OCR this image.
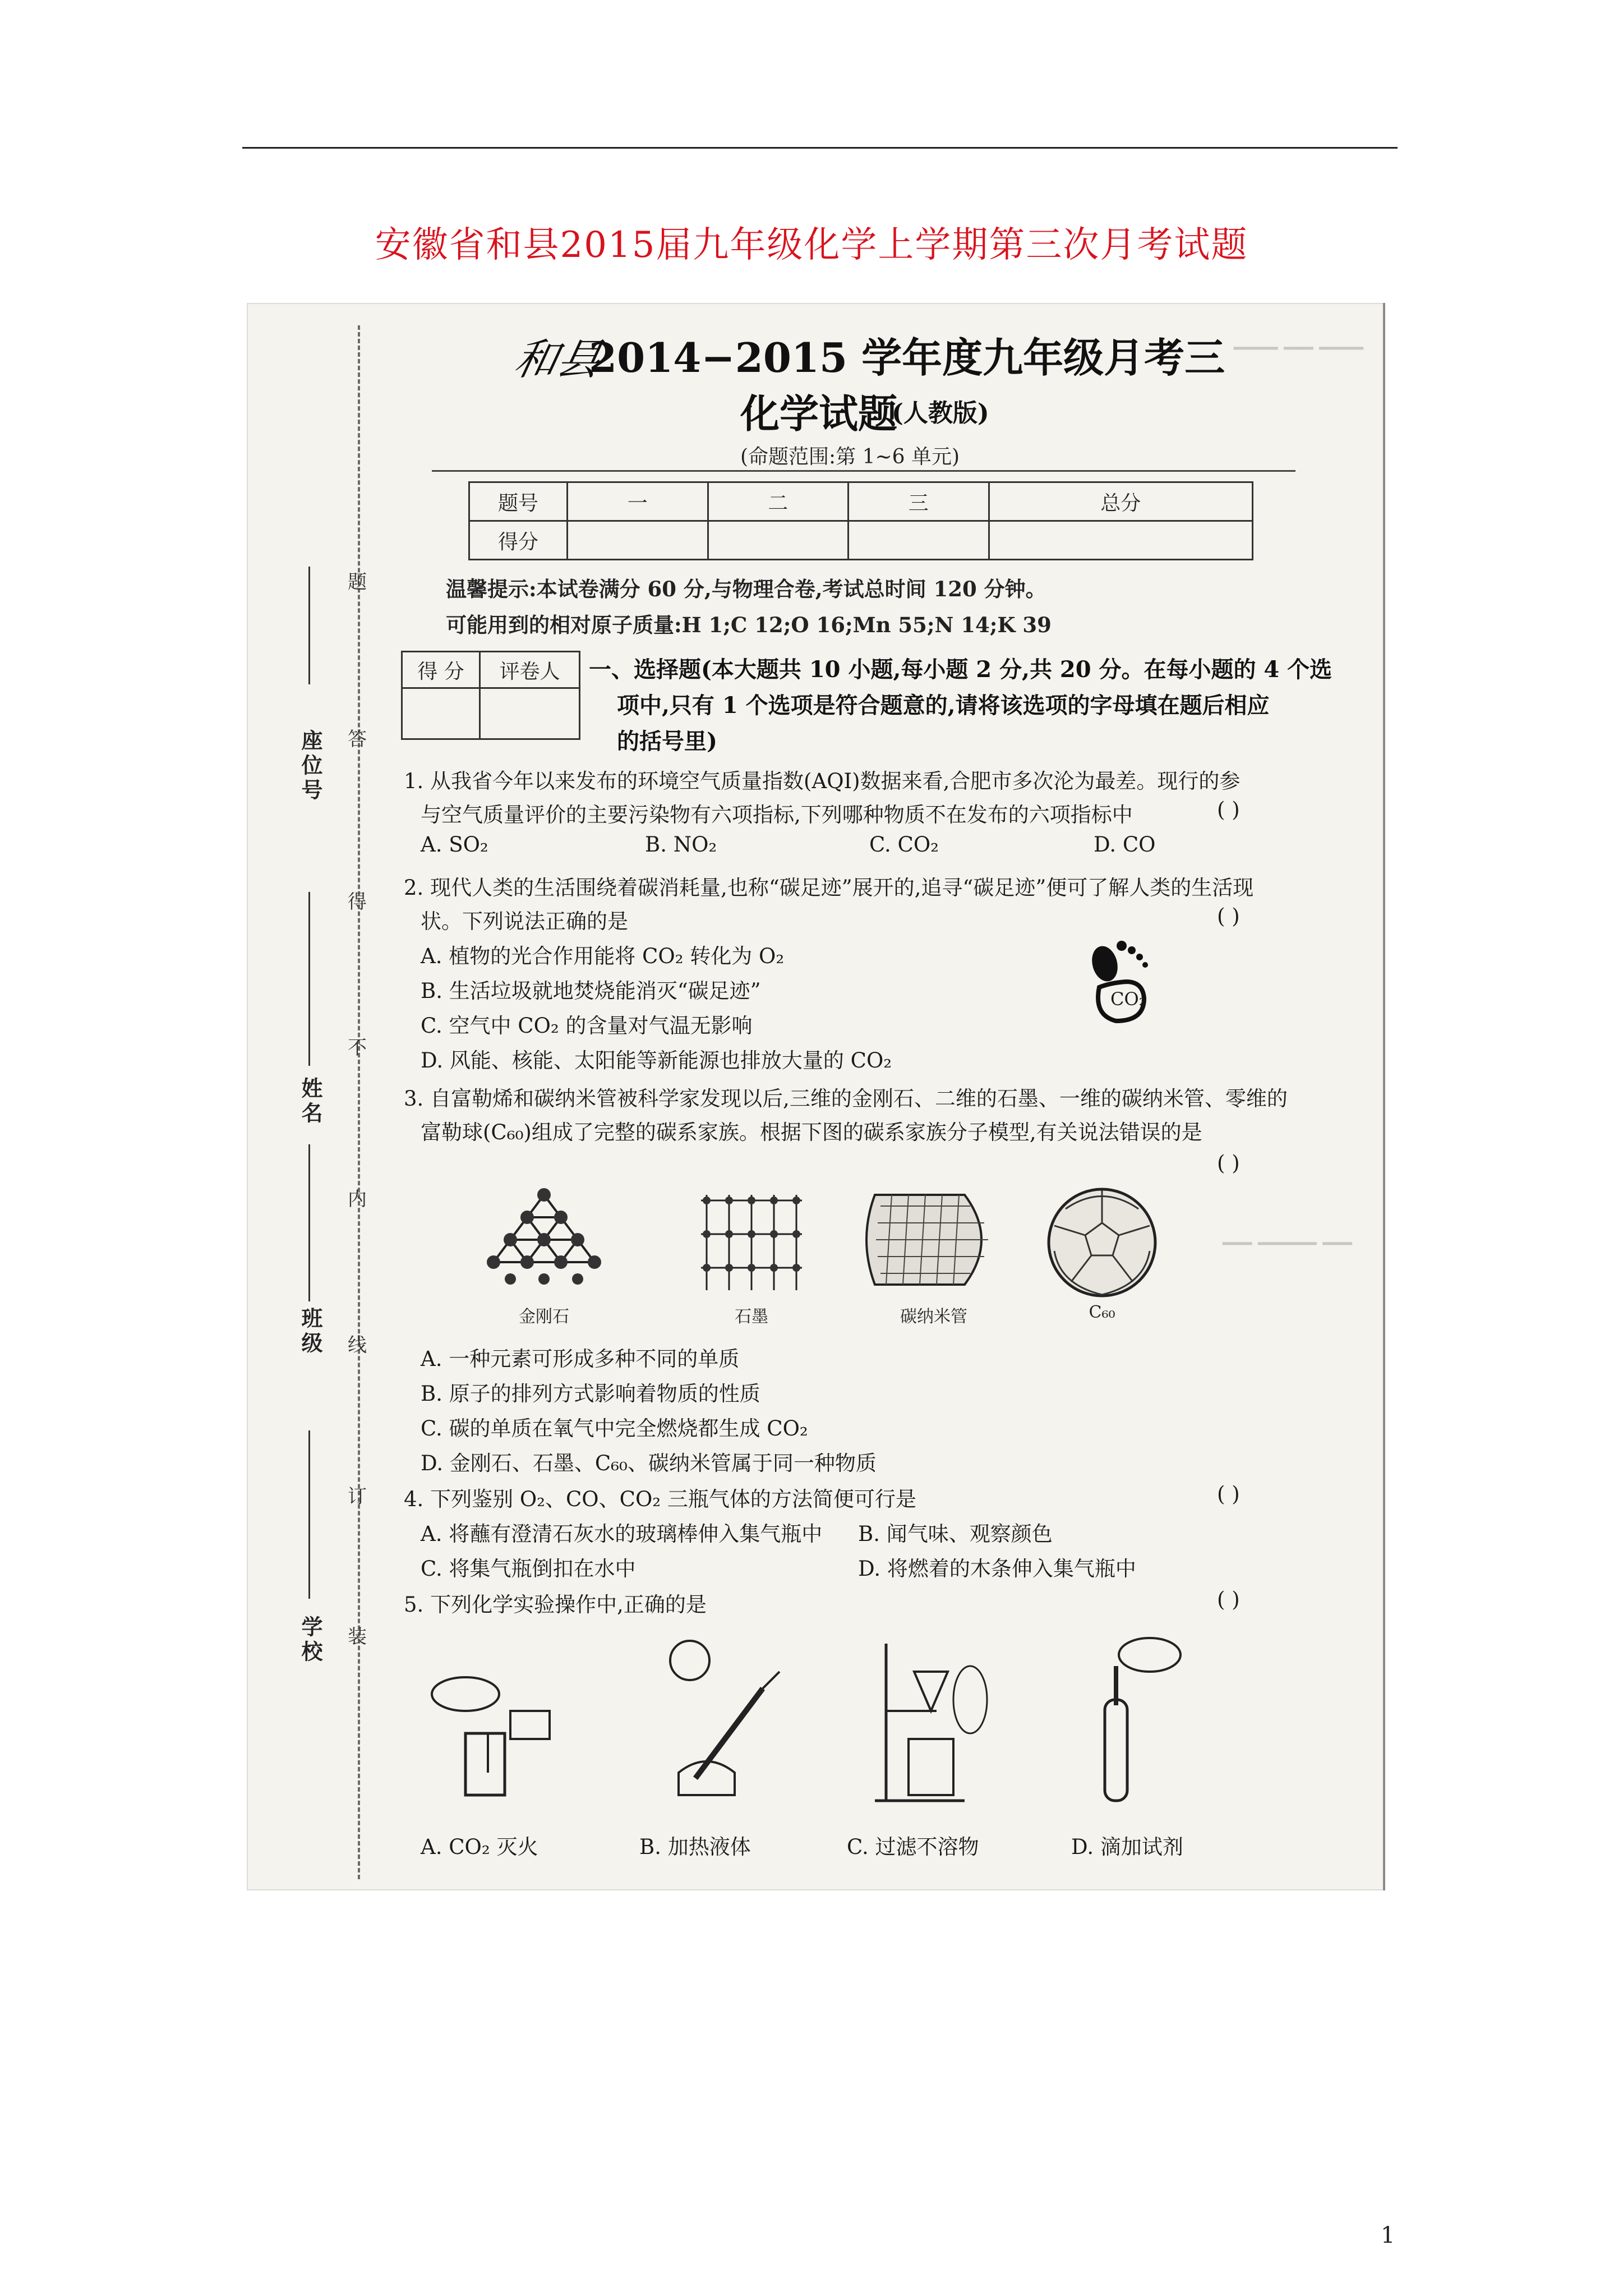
安徽省和县2015届九年级化学上学期第三次月考试题
▁▁▁ ▁▁ ▁▁▁
▁▁ ▁▁▁▁ ▁▁
题
答
得
不
内
线
订
装
座位号
姓名
班级
学校
和县
2014−2015 学年度九年级月考三
化学试题
(人教版)
(命题范围:第 1~6 单元)
题号	一	二	三	总分
得分				
温馨提示:本试卷满分 60 分,与物理合卷,考试总时间 120 分钟。
可能用到的相对原子质量:H 1;C 12;O 16;Mn 55;N 14;K 39
得 分	评卷人
	一、选择题(本大题共 10 小题,每小题 2 分,共 20 分。在每小题的 4 个选
项中,只有 1 个选项是符合题意的,请将该选项的字母填在题后相应
的括号里)
1. 从我省今年以来发布的环境空气质量指数(AQI)数据来看,合肥市多次沦为最差。现行的参
与空气质量评价的主要污染物有六项指标,下列哪种物质不在发布的六项指标中	( )
A. SO₂	B. NO₂	C. CO₂	D. CO
2. 现代人类的生活围绕着碳消耗量,也称“碳足迹”展开的,追寻“碳足迹”便可了解人类的生活现
状。下列说法正确的是	( )
A. 植物的光合作用能将 CO₂ 转化为 O₂
B. 生活垃圾就地焚烧能消灭“碳足迹”
C. 空气中 CO₂ 的含量对气温无影响
D. 风能、核能、太阳能等新能源也排放大量的 CO₂
CO₂
3. 自富勒烯和碳纳米管被科学家发现以后,三维的金刚石、二维的石墨、一维的碳纳米管、零维的
富勒球(C₆₀)组成了完整的碳系家族。根据下图的碳系家族分子模型,有关说法错误的是
( )
金刚石	石墨	碳纳米管	C₆₀
A. 一种元素可形成多种不同的单质
B. 原子的排列方式影响着物质的性质
C. 碳的单质在氧气中完全燃烧都生成 CO₂
D. 金刚石、石墨、C₆₀、碳纳米管属于同一种物质
4. 下列鉴别 O₂、CO、CO₂ 三瓶气体的方法简便可行是	( )
A. 将蘸有澄清石灰水的玻璃棒伸入集气瓶中 B. 闻气味、观察颜色
C. 将集气瓶倒扣在水中	D. 将燃着的木条伸入集气瓶中
5. 下列化学实验操作中,正确的是	( )
A. CO₂ 灭火	B. 加热液体	C. 过滤不溶物	D. 滴加试剂
1
